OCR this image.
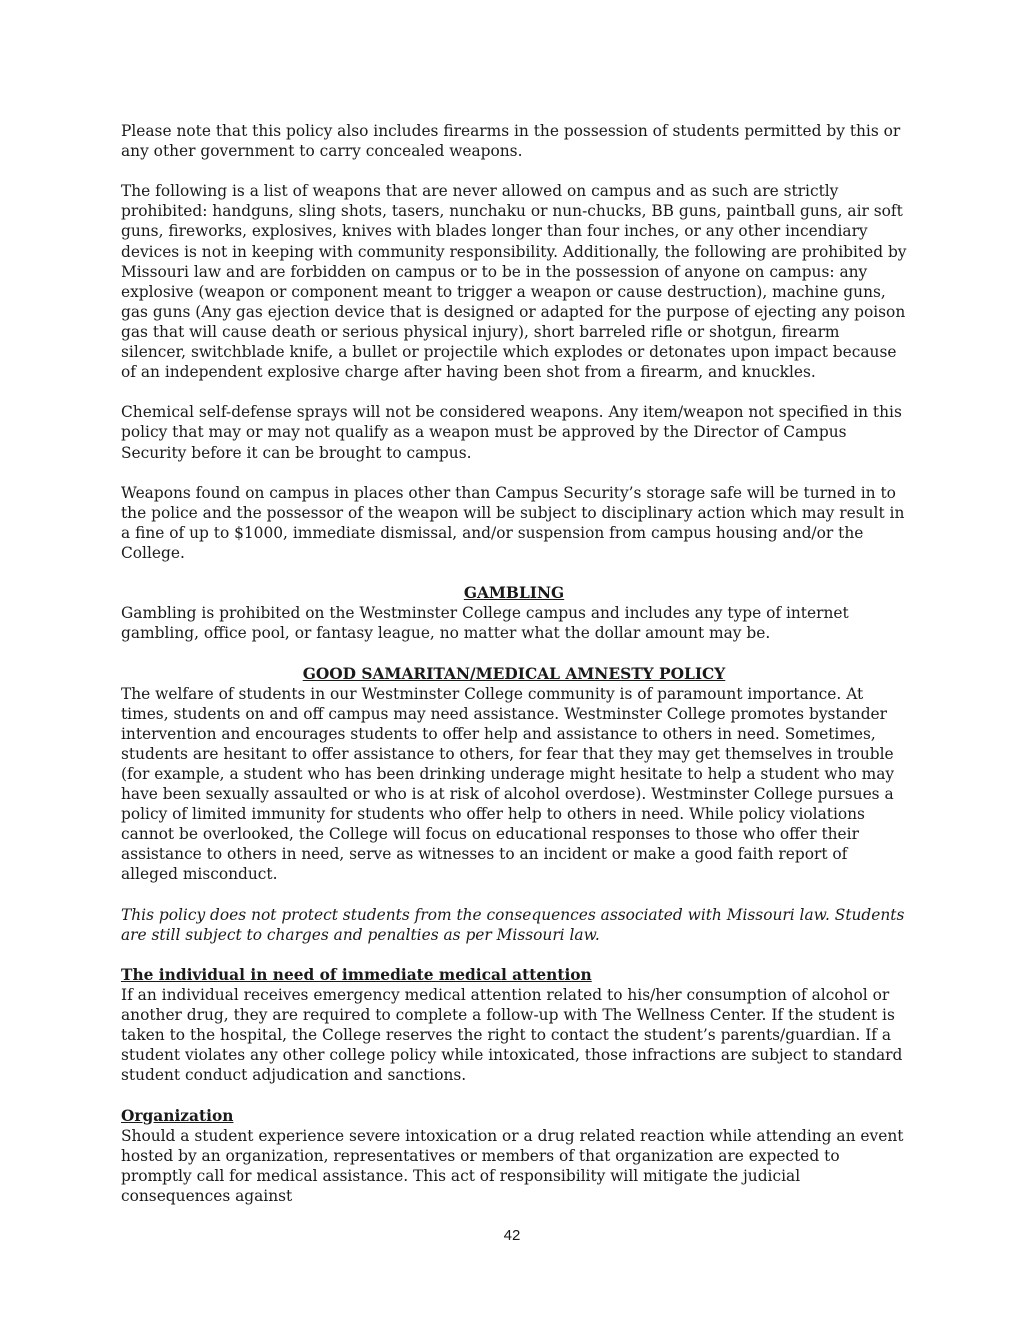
Please note that this policy also includes firearms in the possession of students permitted by this or any other government to carry concealed weapons.

The following is a list of weapons that are never allowed on campus and as such are strictly prohibited: handguns, sling shots, tasers, nunchaku or nun-chucks, BB guns, paintball guns, air soft guns, fireworks, explosives, knives with blades longer than four inches, or any other incendiary devices is not in keeping with community responsibility. Additionally, the following are prohibited by Missouri law and are forbidden on campus or to be in the possession of anyone on campus: any explosive (weapon or component meant to trigger a weapon or cause destruction), machine guns, gas guns (Any gas ejection device that is designed or adapted for the purpose of ejecting any poison gas that will cause death or serious physical injury), short barreled rifle or shotgun, firearm silencer, switchblade knife, a bullet or projectile which explodes or detonates upon impact because of an independent explosive charge after having been shot from a firearm, and knuckles.

Chemical self-defense sprays will not be considered weapons. Any item/weapon not specified in this policy that may or may not qualify as a weapon must be approved by the Director of Campus Security before it can be brought to campus.

Weapons found on campus in places other than Campus Security’s storage safe will be turned in to the police and the possessor of the weapon will be subject to disciplinary action which may result in a fine of up to $1000, immediate dismissal, and/or suspension from campus housing and/or the College.

GAMBLING

Gambling is prohibited on the Westminster College campus and includes any type of internet gambling, office pool, or fantasy league, no matter what the dollar amount may be.

GOOD SAMARITAN/MEDICAL AMNESTY POLICY

The welfare of students in our Westminster College community is of paramount importance. At times, students on and off campus may need assistance. Westminster College promotes bystander intervention and encourages students to offer help and assistance to others in need. Sometimes, students are hesitant to offer assistance to others, for fear that they may get themselves in trouble (for example, a student who has been drinking underage might hesitate to help a student who may have been sexually assaulted or who is at risk of alcohol overdose). Westminster College pursues a policy of limited immunity for students who offer help to others in need. While policy violations cannot be overlooked, the College will focus on educational responses to those who offer their assistance to others in need, serve as witnesses to an incident or make a good faith report of alleged misconduct.

This policy does not protect students from the consequences associated with Missouri law. Students are still subject to charges and penalties as per Missouri law.

The individual in need of immediate medical attention

If an individual receives emergency medical attention related to his/her consumption of alcohol or another drug, they are required to complete a follow-up with The Wellness Center. If the student is taken to the hospital, the College reserves the right to contact the student’s parents/guardian. If a student violates any other college policy while intoxicated, those infractions are subject to standard student conduct adjudication and sanctions.

Organization

Should a student experience severe intoxication or a drug related reaction while attending an event hosted by an organization, representatives or members of that organization are expected to promptly call for medical assistance. This act of responsibility will mitigate the judicial consequences against

42
